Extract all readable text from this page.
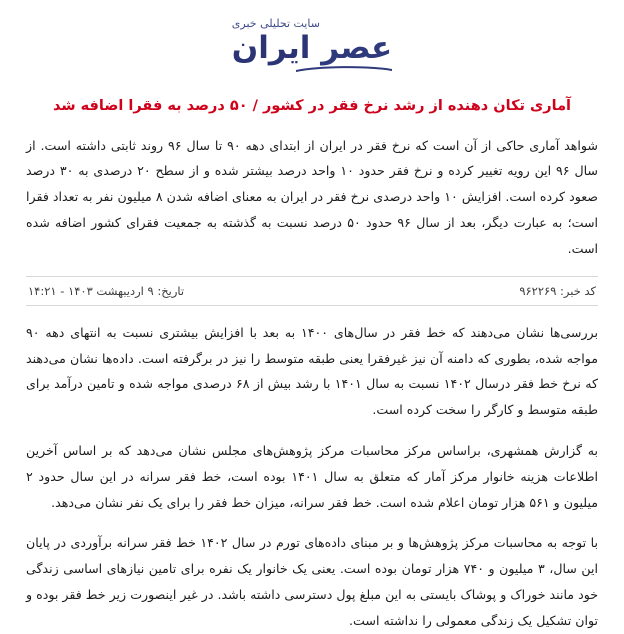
سایت تحلیلی خبری
عصر ایران
آماری تکان دهنده از رشد نرخ فقر در کشور / ۵۰ درصد به فقرا اضافه شد

شواهد آماری حاکی از آن است که نرخ فقر در ایران از ابتدای دهه ۹۰ تا سال ۹۶ روند ثابتی داشته است. از سال ۹۶ این رویه تغییر کرده و نرخ فقر حدود ۱۰ واحد درصد بیشتر شده و از سطح ۲۰ درصدی به ۳۰ درصد صعود کرده است. افزایش ۱۰ واحد درصدی نرخ فقر در ایران به معنای اضافه شدن ۸ میلیون نفر به تعداد فقرا است؛ به عبارت دیگر، بعد از سال ۹۶ حدود ۵۰ درصد نسبت به گذشته به جمعیت فقرای کشور اضافه شده است.

کد خبر: ۹۶۲۲۶۹
تاریخ: ۹ اردیبهشت ۱۴۰۳ - ۱۴:۲۱

بررسی‌ها نشان می‌دهند که خط فقر در سال‌های ۱۴۰۰ به بعد با افزایش بیشتری نسبت به انتهای دهه ۹۰ مواجه شده، بطوری که دامنه آن نیز غیرفقرا یعنی طبقه متوسط را نیز در برگرفته است. داده‌ها نشان می‌دهند که نرخ خط فقر درسال ۱۴۰۲ نسبت به سال ۱۴۰۱ با رشد بیش از ۶۸ درصدی مواجه شده و تامین درآمد برای طبقه متوسط و کارگر را سخت کرده است.

به گزارش همشهری، براساس مرکز محاسبات مرکز پژوهش‌های مجلس نشان می‌دهد که بر اساس آخرین اطلاعات هزینه خانوار مرکز آمار که متعلق به سال ۱۴۰۱ بوده است، خط فقر سرانه در این سال حدود ۲ میلیون و ۵۶۱ هزار تومان اعلام شده است. خط فقر سرانه، میزان خط فقر را برای یک نفر نشان می‌دهد.

با توجه به محاسبات مرکز پژوهش‌ها و بر مبنای داده‌های تورم در سال ۱۴۰۲ خط فقر سرانه برآوردی در پایان این سال، ۳ میلیون و ۷۴۰ هزار تومان بوده است. یعنی یک خانوار یک نفره برای تامین نیازهای اساسی زندگی خود مانند خوراک و پوشاک بایستی به این مبلغ پول دسترسی داشته باشد. در غیر اینصورت زیر خط فقر بوده و توان تشکیل یک زندگی معمولی را نداشته است.
